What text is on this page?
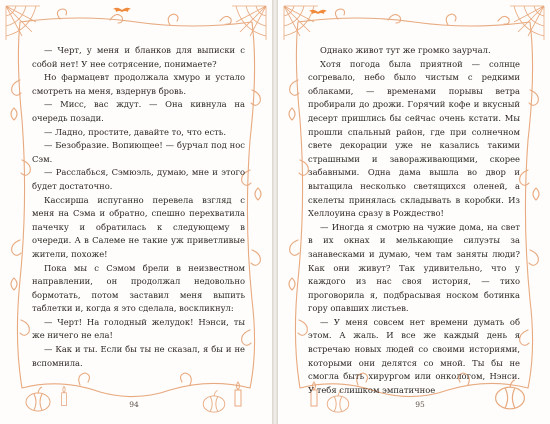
— Черт, у меня и бланков для выписки с собой нет! У нее сотрясение, понимаете?

Но фармацевт продолжала хмуро и устало смотреть на меня, вздернув бровь.

— Мисс, вас ждут. — Она кивнула на очередь позади.

— Ладно, простите, давайте то, что есть.

— Безобразие. Вопиющее! — бурчал под нос Сэм.

— Расслабься, Сэмюэль, думаю, мне и этого будет достаточно.

Кассирша испуганно перевела взгляд с меня на Сэма и обратно, спешно перехватила пачечку и обратилась к следующему в очереди. А в Салеме не такие уж приветливые жители, похоже!

Пока мы с Сэмом брели в неизвестном направлении, он продолжал недовольно бормотать, потом заставил меня выпить таблетки и, когда я это сделала, воскликнул:

— Черт! На голодный желудок! Нэнси, ты же ничего не ела!

— Как и ты. Если бы ты не сказал, я бы и не вспомнила.

94

Однако живот тут же громко заурчал.

Хотя погода была приятной — солнце согревало, небо было чистым с редкими облаками, — временами порывы ветра пробирали до дрожи. Горячий кофе и вкусный десерт пришлись бы сейчас очень кстати. Мы прошли спальный район, где при солнечном свете декорации уже не казались такими страшными и завораживающими, скорее забавными. Одна дама вышла во двор и вытащила несколько светящихся оленей, а скелеты принялась складывать в коробки. Из Хеллоуина сразу в Рождество!

— Иногда я смотрю на чужие дома, на свет в их окнах и мелькающие силуэты за занавесками и думаю, чем там заняты люди? Как они живут? Так удивительно, что у каждого из нас своя история, — тихо проговорила я, подбрасывая носком ботинка гору опавших листьев.

— У меня совсем нет времени думать об этом. А жаль. И все же каждый день я встречаю новых людей со своими историями, которыми они делятся со мной. Ты бы не смогла быть хирургом или онкологом, Нэнси. У тебя слишком эмпатичное

95
